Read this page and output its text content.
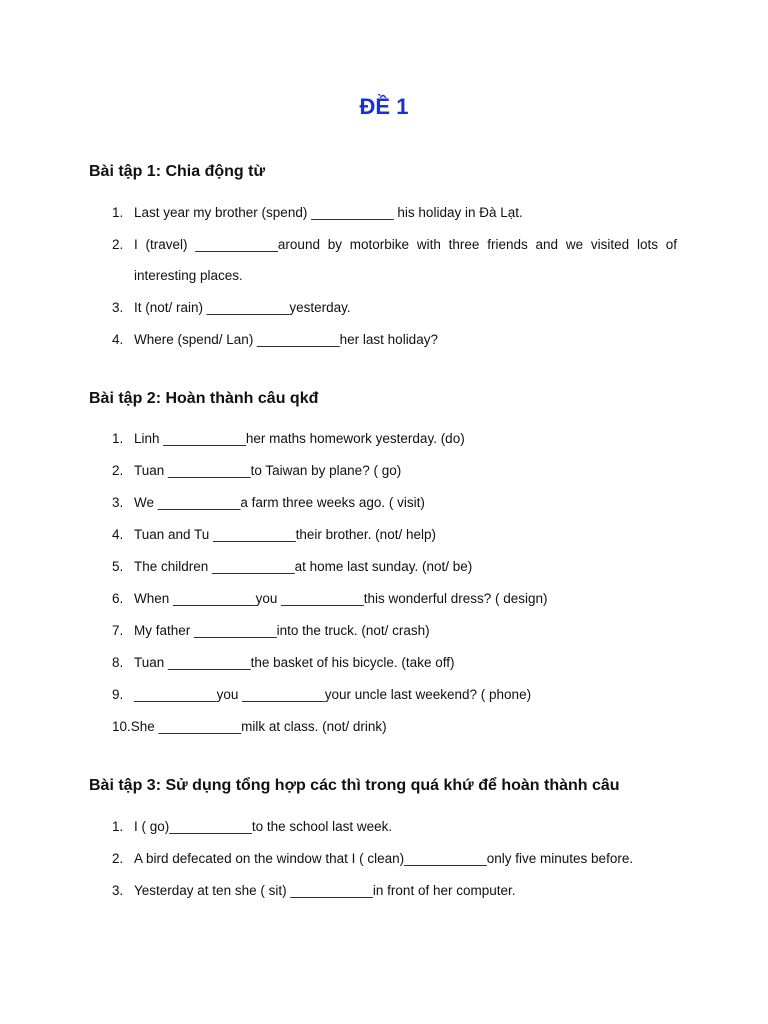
ĐỀ 1
Bài tập 1: Chia động từ
1. Last year my brother (spend) ___________ his holiday in Đà Lạt.
2. I (travel) ___________around by motorbike with three friends and we visited lots of interesting places.
3. It (not/ rain) ___________yesterday.
4. Where (spend/ Lan) ___________her last holiday?
Bài tập 2: Hoàn thành câu qkđ
1. Linh ___________her maths homework yesterday. (do)
2. Tuan ___________to Taiwan by plane? ( go)
3. We ___________a farm three weeks ago. ( visit)
4. Tuan and Tu ___________their brother. (not/ help)
5. The children ___________at home last sunday. (not/ be)
6. When ___________you ___________this wonderful dress? ( design)
7. My father ___________into the truck. (not/ crash)
8. Tuan ___________the basket of his bicycle. (take off)
9. ___________you ___________your uncle last weekend? ( phone)
10.She ___________milk at class. (not/ drink)
Bài tập 3: Sử dụng tổng hợp các thì trong quá khứ để hoàn thành câu
1. I ( go)___________to the school last week.
2. A bird defecated on the window that I ( clean)___________only five minutes before.
3. Yesterday at ten she ( sit) ___________in front of her computer.
